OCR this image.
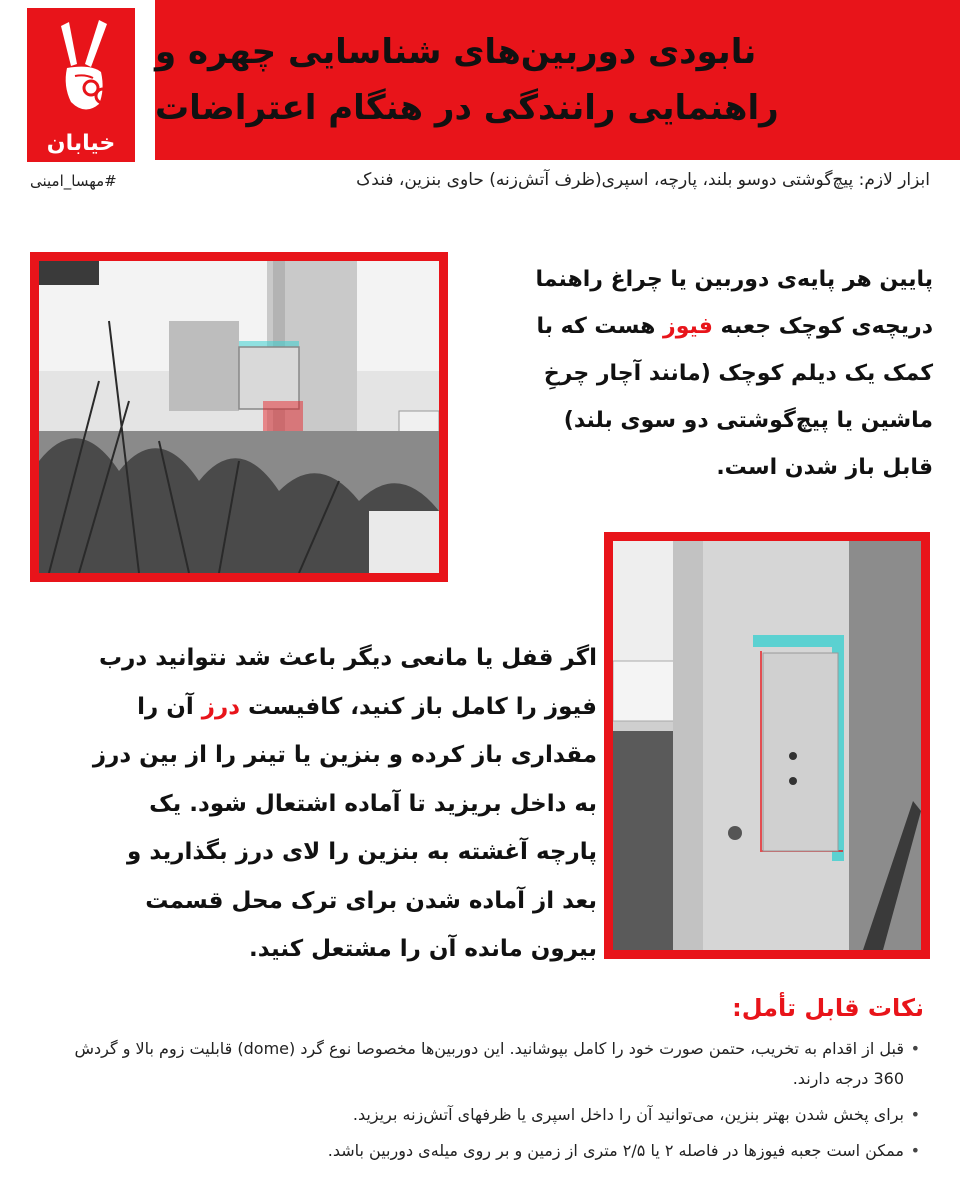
خیابان
نابودی دوربین‌های شناسایی چهره و
راهنمایی رانندگی در هنگام اعتراضات
#مهسا_امینی	ابزار لازم: پیچ‌گوشتی دوسو بلند، پارچه، اسپری(ظرف آتش‌زنه) حاوی بنزین، فندک

پایین هر پایه‌ی دوربین یا چراغ راهنما

دریچه‌ی کوچک جعبه فیوز هست که با

کمک یک دیلم کوچک (مانند آچار چرخِ

ماشین یا پیچ‌گوشتی دو سوی بلند)

قابل باز شدن است.

اگر قفل یا مانعی دیگر باعث شد نتوانید درب

فیوز را کامل باز کنید، کافیست درز آن را

مقداری باز کرده و بنزین یا تینر را از بین درز

به داخل بریزید تا آماده اشتعال شود. یک

پارچه آغشته به بنزین را لای درز بگذارید و

بعد از آماده شدن برای ترک محل قسمت

بیرون مانده آن را مشتعل کنید.

نکات قابل تأمل:
• قبل از اقدام به تخریب، حتمن صورت خود را کامل بپوشانید. این دوربین‌ها مخصوصا نوع گرد (dome) قابلیت زوم بالا و گردش 360 درجه دارند.
• برای پخش شدن بهتر بنزین، می‌توانید آن را داخل اسپری یا ظرفهای آتش‌زنه بریزید.
• ممکن است جعبه فیوزها در فاصله ۲ یا ۲/۵ متری از زمین و بر روی میله‌ی دوربین باشد.
